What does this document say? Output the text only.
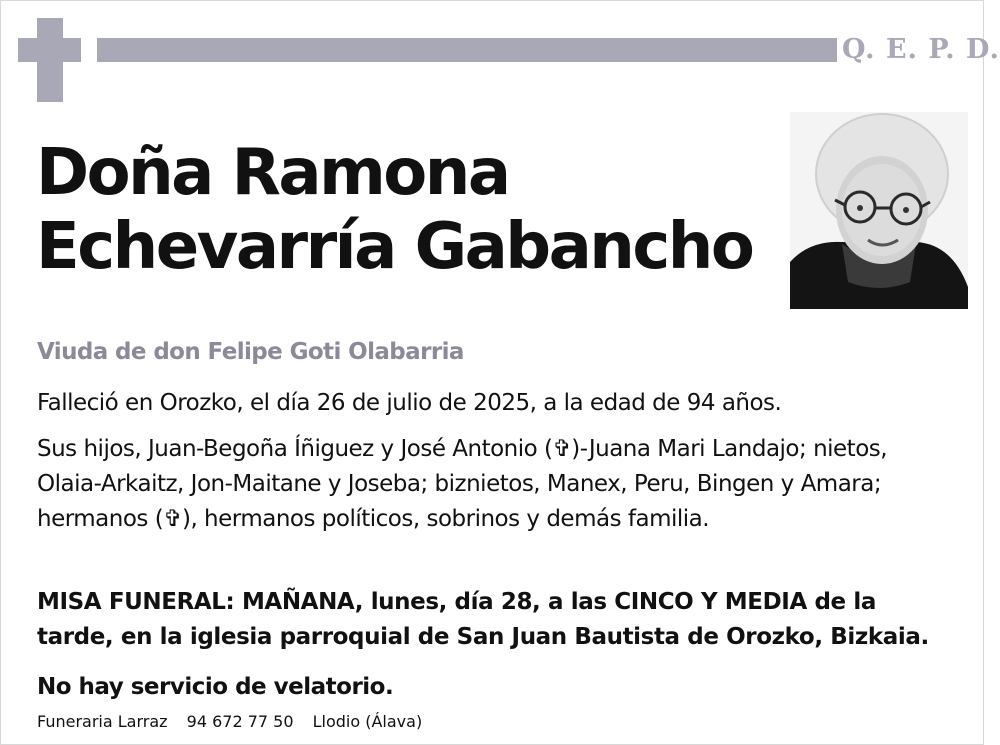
Q. E. P. D.
Doña Ramona
Echevarría Gabancho
Viuda de don Felipe Goti Olabarria
Falleció en Orozko, el día 26 de julio de 2025, a la edad de 94 años.
Sus hijos, Juan-Begoña Íñiguez y José Antonio (✞)-Juana Mari Landajo; nietos, Olaia-Arkaitz, Jon-Maitane y Joseba; biznietos, Manex, Peru, Bingen y Amara; hermanos (✞), hermanos políticos, sobrinos y demás familia.
MISA FUNERAL: MAÑANA, lunes, día 28, a las CINCO Y MEDIA de la
tarde, en la iglesia parroquial de San Juan Bautista de Orozko, Bizkaia.
No hay servicio de velatorio.
Funeraria Larraz 94 672 77 50 Llodio (Álava)
